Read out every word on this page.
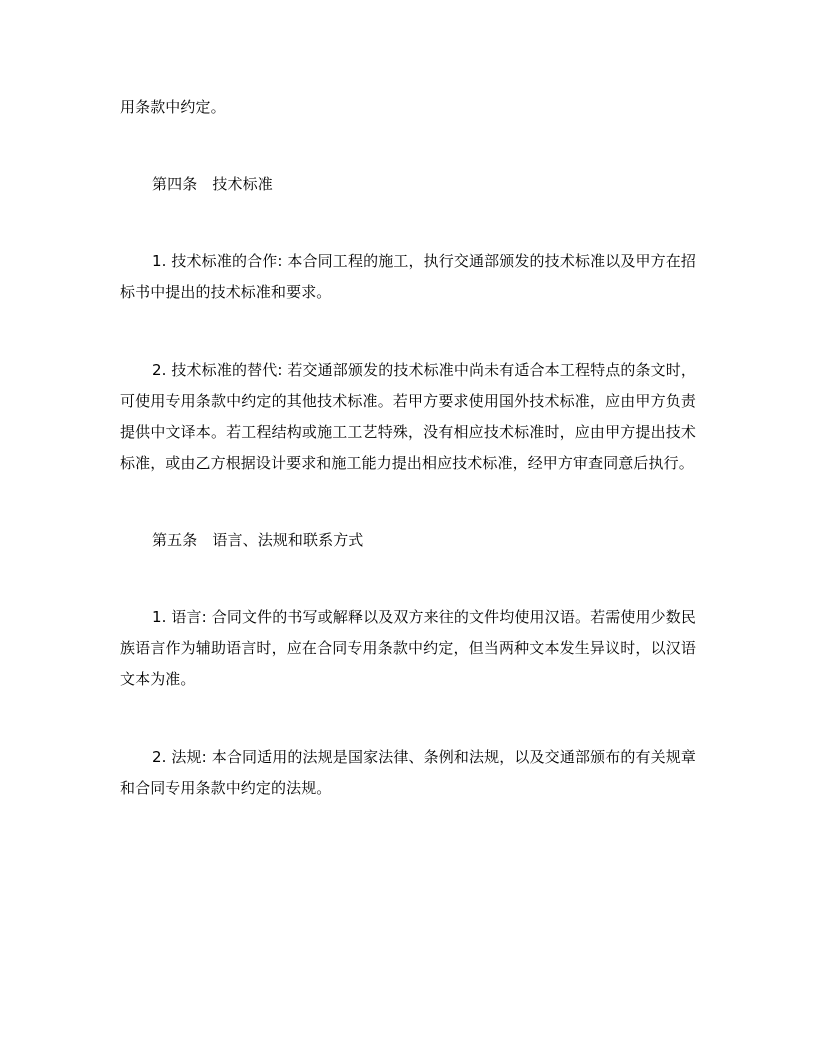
用条款中约定。

第四条　技术标准

1. 技术标准的合作: 本合同工程的施工，执行交通部颁发的技术标准以及甲方在招标书中提出的技术标准和要求。

2. 技术标准的替代: 若交通部颁发的技术标准中尚未有适合本工程特点的条文时，可使用专用条款中约定的其他技术标准。若甲方要求使用国外技术标准，应由甲方负责提供中文译本。若工程结构或施工工艺特殊，没有相应技术标准时，应由甲方提出技术标准，或由乙方根据设计要求和施工能力提出相应技术标准，经甲方审查同意后执行。

第五条　语言、法规和联系方式

1. 语言: 合同文件的书写或解释以及双方来往的文件均使用汉语。若需使用少数民族语言作为辅助语言时，应在合同专用条款中约定，但当两种文本发生异议时，以汉语文本为准。

2. 法规: 本合同适用的法规是国家法律、条例和法规，以及交通部颁布的有关规章和合同专用条款中约定的法规。
